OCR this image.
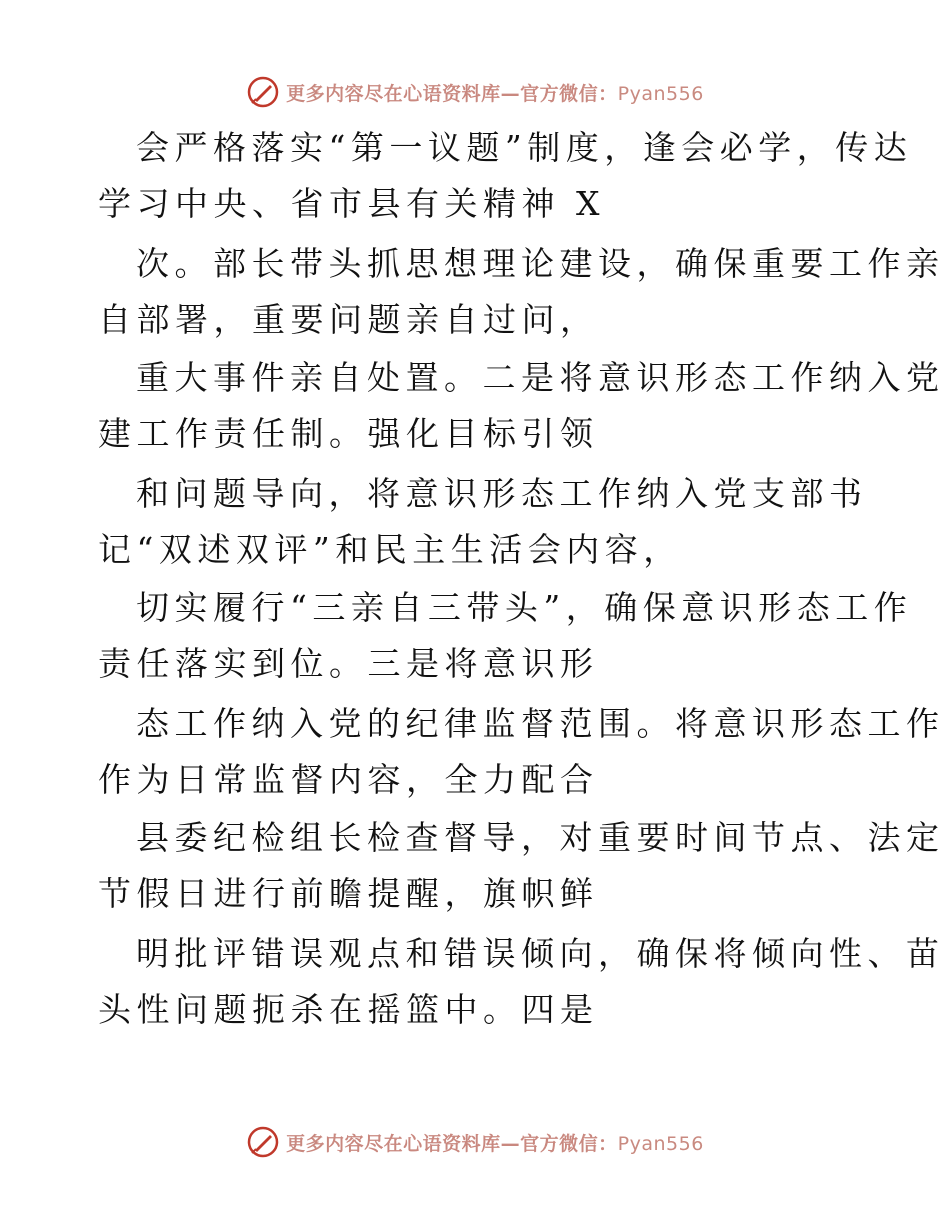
更多内容尽在心语资料库—官方微信：Pyan556
会严格落实“第一议题”制度，逢会必学，传达
学习中央、省市县有关精神 X
次。部长带头抓思想理论建设，确保重要工作亲
自部署，重要问题亲自过问，
重大事件亲自处置。二是将意识形态工作纳入党
建工作责任制。强化目标引领
和问题导向，将意识形态工作纳入党支部书
记“双述双评”和民主生活会内容，
切实履行“三亲自三带头”，确保意识形态工作
责任落实到位。三是将意识形
态工作纳入党的纪律监督范围。将意识形态工作
作为日常监督内容，全力配合
县委纪检组长检查督导，对重要时间节点、法定
节假日进行前瞻提醒，旗帜鲜
明批评错误观点和错误倾向，确保将倾向性、苗
头性问题扼杀在摇篮中。四是
更多内容尽在心语资料库—官方微信：Pyan556
